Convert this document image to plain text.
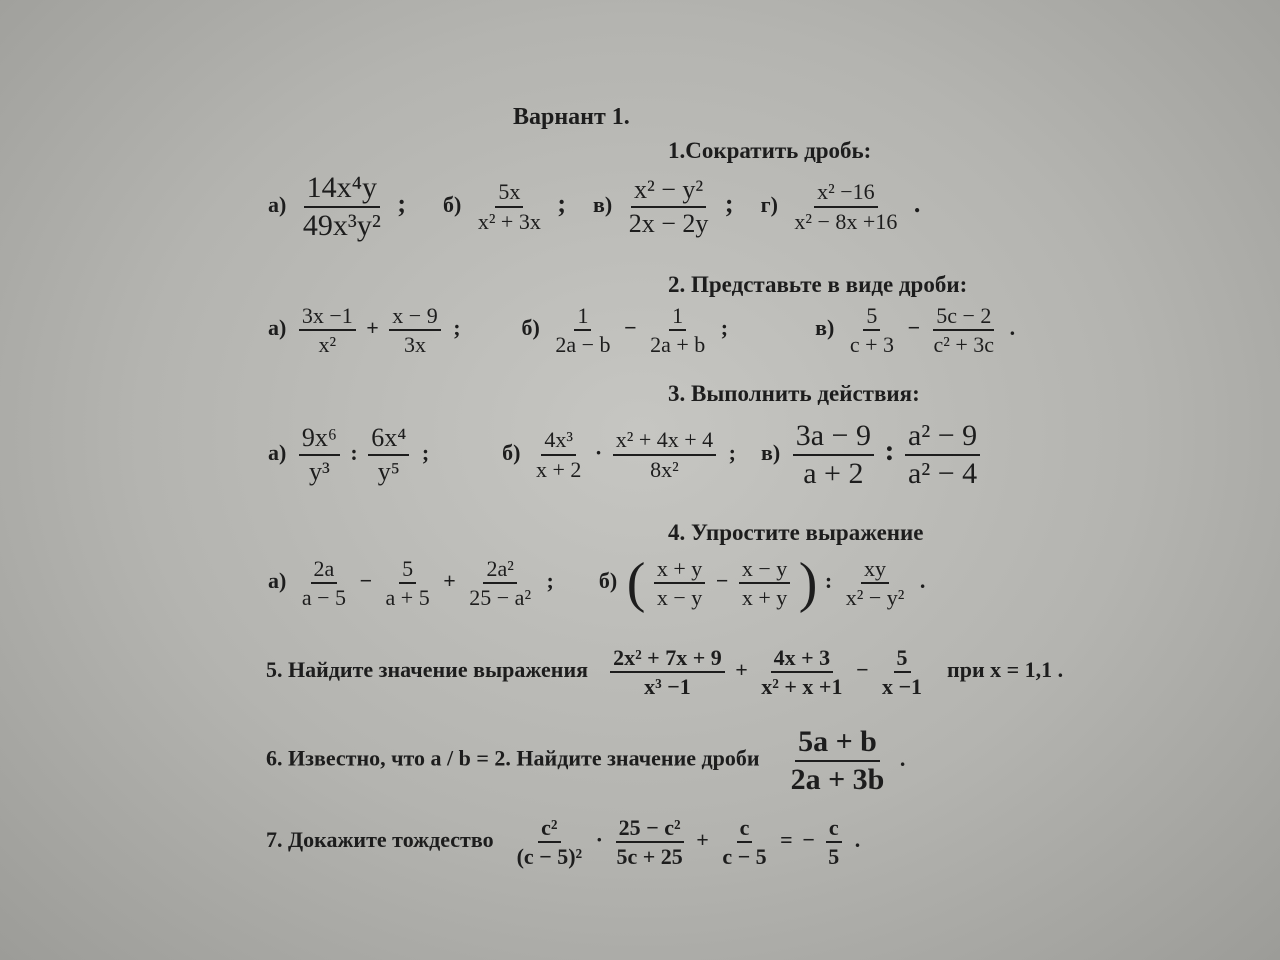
Варнант 1.
1.Сократить дробь:
$а) \frac{\text{14x⁴y}}{\text{49x³y²}}$ ; $б) \frac{5x}{\text{x² + 3x}}$ ; $в) \frac{\text{x² − y²}}{2x - 2y}$ ; $г) \frac{\text{x² −16}}{\text{x² − 8x +16}}$ .
2. Представьте в виде дроби:
$а) \frac{3x -1}{\text{x²}} + \frac{x - 9}{3x}$ ;	$б) \frac{1}{2a - b} - \frac{1}{2a + b}$ ;	$в) \frac{5}{c + 3} - \frac{5c - 2}{\text{c² + 3c}}$ .
3. Выполнить действия:
$а) \frac{\text{9x⁶}}{\text{y³}}$ : $\frac{\text{6x⁴}}{\text{y⁵}}$ ;	$б) \frac{\text{4x³}}{x + 2} \cdot \frac{\text{x² + 4x + 4}}{\text{8x²}}$ ; $в) \frac{3a - 9}{a + 2}$ : $\frac{\text{a² − 9}}{\text{a² − 4}}$
4. Упростите выражение
$а) \frac{2a}{a - 5} - \frac{5}{a + 5} + \frac{\text{2a²}}{\text{25 − a²}}$ ; б) ( $\frac{x + y}{x - y} - \frac{x - y}{x + y}$ ) : $\frac{xy}{\text{x² − y²}}$ .
5. Найдите значение выражения $\frac{\text{2x² + 7x + 9}}{\text{x³ −1}} + \frac{4x + 3}{\text{x² + x +1}} - \frac{5}{x -1}$ при x = 1,1 .
6. Известно, что a / b = 2. Найдите значение дроби $\frac{5a + b}{2a + 3b}$ .
7. Докажите тождество $\frac{\text{c²}}{\text{(c − 5)²}} \cdot \frac{\text{25 − c²}}{5c + 25} + \frac{c}{c - 5}$ = − $\frac{c}{5}$ .
